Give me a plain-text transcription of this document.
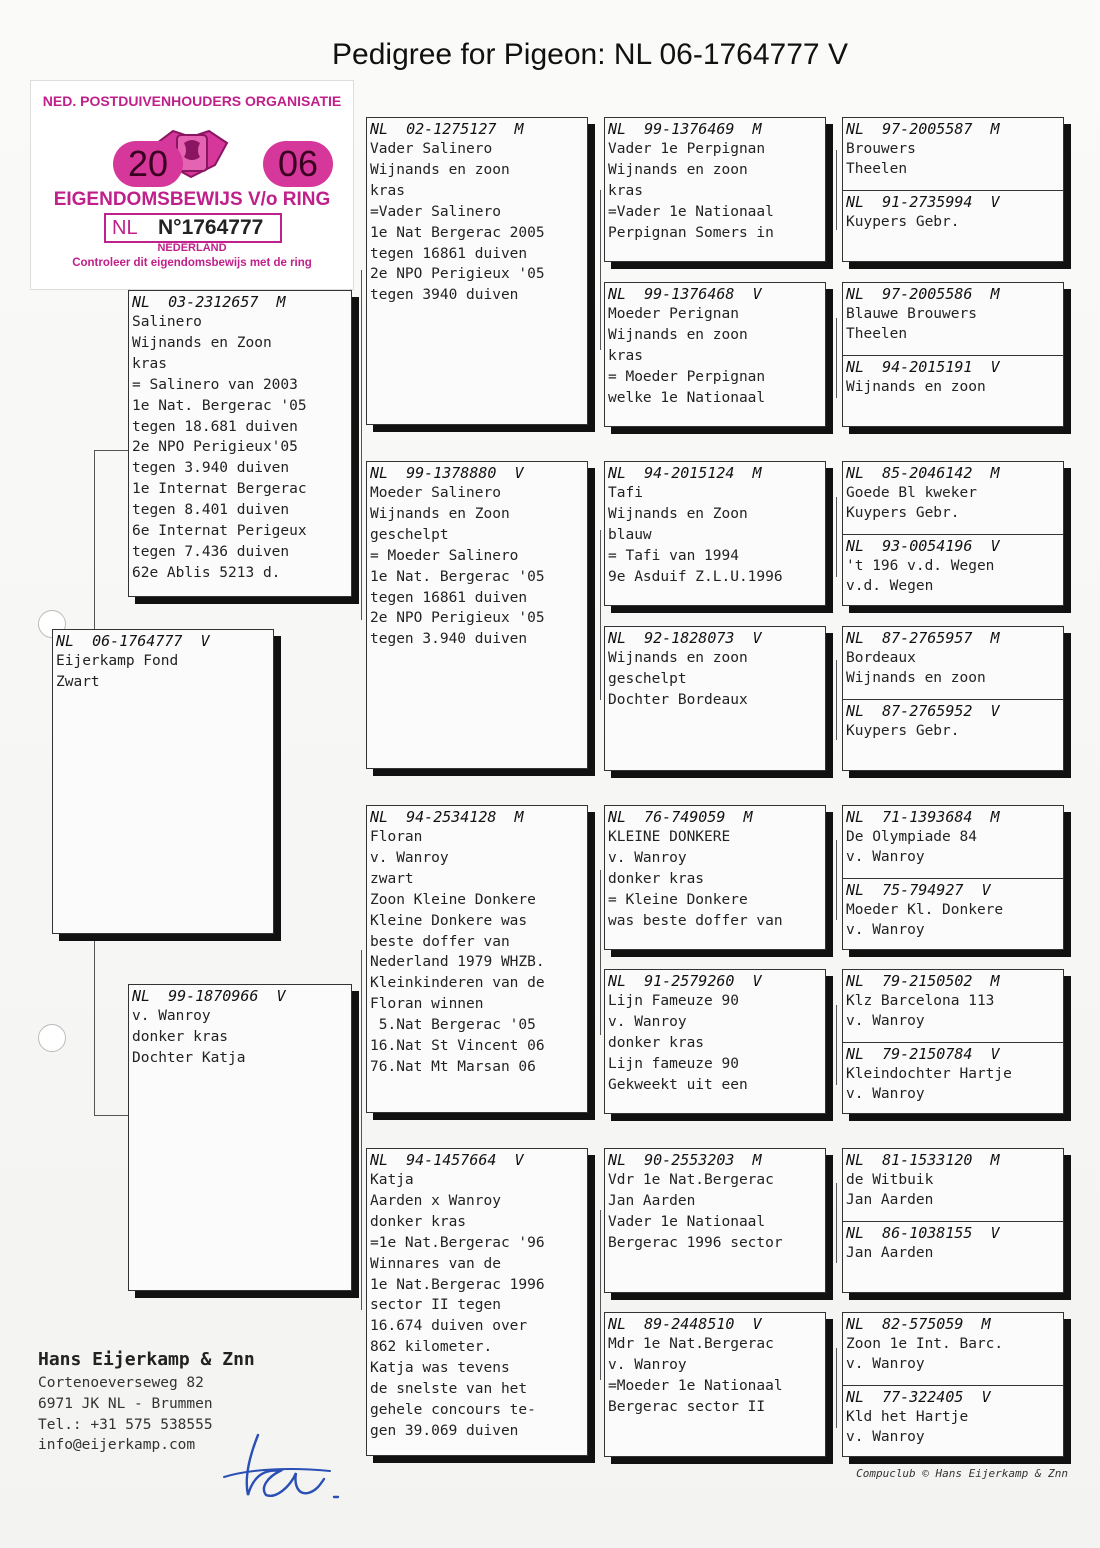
Pedigree for Pigeon: NL 06-1764777 V
NED. POSTDUIVENHOUDERS ORGANISATIE
20	06
EIGENDOMSBEWIJS V/o RING
NL N°1764777
NEDERLAND
Controleer dit eigendomsbewijs met de ring
NL  06-1764777  V
Eijerkamp Fond
Zwart
NL  03-2312657  M
Salinero
Wijnands en Zoon
kras
= Salinero van 2003
1e Nat. Bergerac '05
tegen 18.681 duiven
2e NPO Perigieux'05
tegen 3.940 duiven
1e Internat Bergerac
tegen 8.401 duiven
6e Internat Perigeux
tegen 7.436 duiven
62e Ablis 5213 d.
NL  99-1870966  V
v. Wanroy
donker kras
Dochter Katja
NL  02-1275127  M
Vader Salinero
Wijnands en zoon
kras
=Vader Salinero
1e Nat Bergerac 2005
tegen 16861 duiven
2e NPO Perigieux '05
tegen 3940 duiven
NL  99-1378880  V
Moeder Salinero
Wijnands en Zoon
geschelpt
= Moeder Salinero
1e Nat. Bergerac '05
tegen 16861 duiven
2e NPO Perigieux '05
tegen 3.940 duiven
NL  94-2534128  M
Floran
v. Wanroy
zwart
Zoon Kleine Donkere
Kleine Donkere was
beste doffer van
Nederland 1979 WHZB.
Kleinkinderen van de
Floran winnen
5.Nat Bergerac '05
16.Nat St Vincent 06
76.Nat Mt Marsan 06
NL  94-1457664  V
Katja
Aarden x Wanroy
donker kras
=1e Nat.Bergerac '96
Winnares van de
1e Nat.Bergerac 1996
sector II tegen
16.674 duiven over
862 kilometer.
Katja was tevens
de snelste van het
gehele concours te-
gen 39.069 duiven
NL  99-1376469  M
Vader 1e Perpignan
Wijnands en zoon
kras
=Vader 1e Nationaal
Perpignan Somers in
NL  99-1376468  V
Moeder Perignan
Wijnands en zoon
kras
= Moeder Perpignan
welke 1e Nationaal
NL  94-2015124  M
Tafi
Wijnands en Zoon
blauw
= Tafi van 1994
9e Asduif Z.L.U.1996
NL  92-1828073  V
Wijnands en zoon
geschelpt
Dochter Bordeaux
NL  76-749059  M
KLEINE DONKERE
v. Wanroy
donker kras
= Kleine Donkere
was beste doffer van
NL  91-2579260  V
Lijn Fameuze 90
v. Wanroy
donker kras
Lijn fameuze 90
Gekweekt uit een
NL  90-2553203  M
Vdr 1e Nat.Bergerac
Jan Aarden
Vader 1e Nationaal
Bergerac 1996 sector
NL  89-2448510  V
Mdr 1e Nat.Bergerac
v. Wanroy
=Moeder 1e Nationaal
Bergerac sector II
NL  97-2005587  M
Brouwers
Theelen
NL  91-2735994  V
Kuypers Gebr.
NL  97-2005586  M
Blauwe Brouwers
Theelen
NL  94-2015191  V
Wijnands en zoon
NL  85-2046142  M
Goede Bl kweker
Kuypers Gebr.
NL  93-0054196  V
't 196 v.d. Wegen
v.d. Wegen
NL  87-2765957  M
Bordeaux
Wijnands en zoon
NL  87-2765952  V
Kuypers Gebr.
NL  71-1393684  M
De Olympiade 84
v. Wanroy
NL  75-794927  V
Moeder Kl. Donkere
v. Wanroy
NL  79-2150502  M
Klz Barcelona 113
v. Wanroy
NL  79-2150784  V
Kleindochter Hartje
v. Wanroy
NL  81-1533120  M
de Witbuik
Jan Aarden
NL  86-1038155  V
Jan Aarden
NL  82-575059  M
Zoon 1e Int. Barc.
v. Wanroy
NL  77-322405  V
Kld het Hartje
v. Wanroy
Hans Eijerkamp & Znn
Cortenoeverseweg 82
6971 JK NL - Brummen
Tel.: +31 575 538555
info@eijerkamp.com
Compuclub © Hans Eijerkamp & Znn
